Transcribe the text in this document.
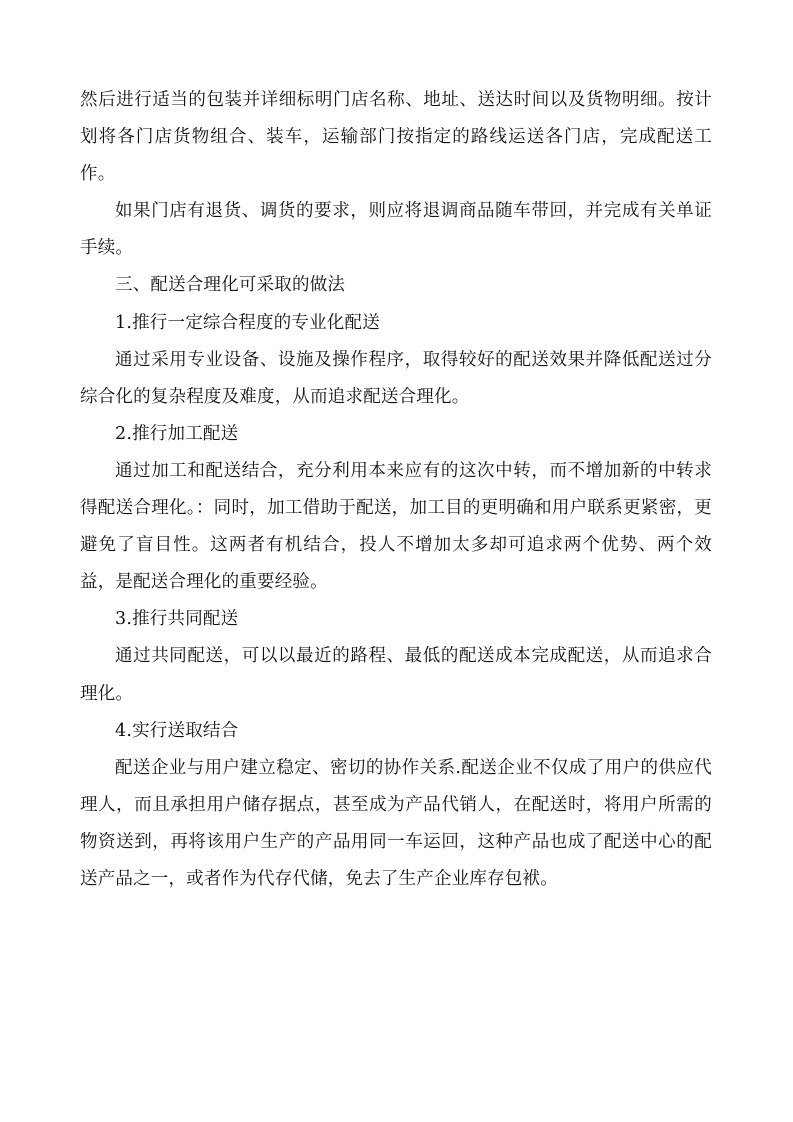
然后进行适当的包装并详细标明门店名称、地址、送达时间以及货物明细。按计划将各门店货物组合、装车，运输部门按指定的路线运送各门店，完成配送工作。

如果门店有退货、调货的要求，则应将退调商品随车带回，并完成有关单证手续。

三、配送合理化可采取的做法

1.推行一定综合程度的专业化配送

通过采用专业设备、设施及操作程序，取得较好的配送效果并降低配送过分综合化的复杂程度及难度，从而追求配送合理化。

2.推行加工配送

通过加工和配送结合，充分利用本来应有的这次中转，而不增加新的中转求得配送合理化。：同时，加工借助于配送，加工目的更明确和用户联系更紧密，更避免了盲目性。这两者有机结合，投人不增加太多却可追求两个优势、两个效益，是配送合理化的重要经验。

3.推行共同配送

通过共同配送，可以以最近的路程、最低的配送成本完成配送，从而追求合理化。

4.实行送取结合

配送企业与用户建立稳定、密切的协作关系.配送企业不仅成了用户的供应代理人，而且承担用户储存据点，甚至成为产品代销人，在配送时，将用户所需的物资送到，再将该用户生产的产品用同一车运回，这种产品也成了配送中心的配送产品之一，或者作为代存代储，免去了生产企业库存包袱。
